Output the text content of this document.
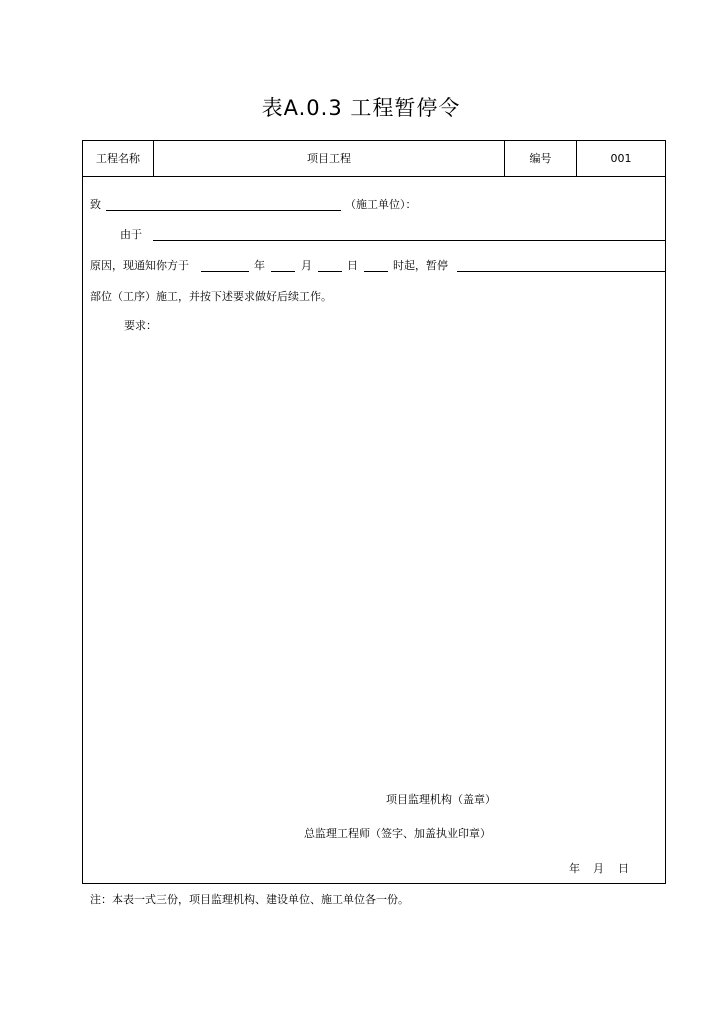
表A.0.3 工程暂停令
工程名称	项目工程	编号	001
致	（施工单位）：
由于
原因，现通知你方于	年	月	日	时起，暂停
部位（工序）施工，并按下述要求做好后续工作。
要求：
项目监理机构（盖章）
总监理工程师（签字、加盖执业印章）
年 月 日
注：本表一式三份，项目监理机构、建设单位、施工单位各一份。
